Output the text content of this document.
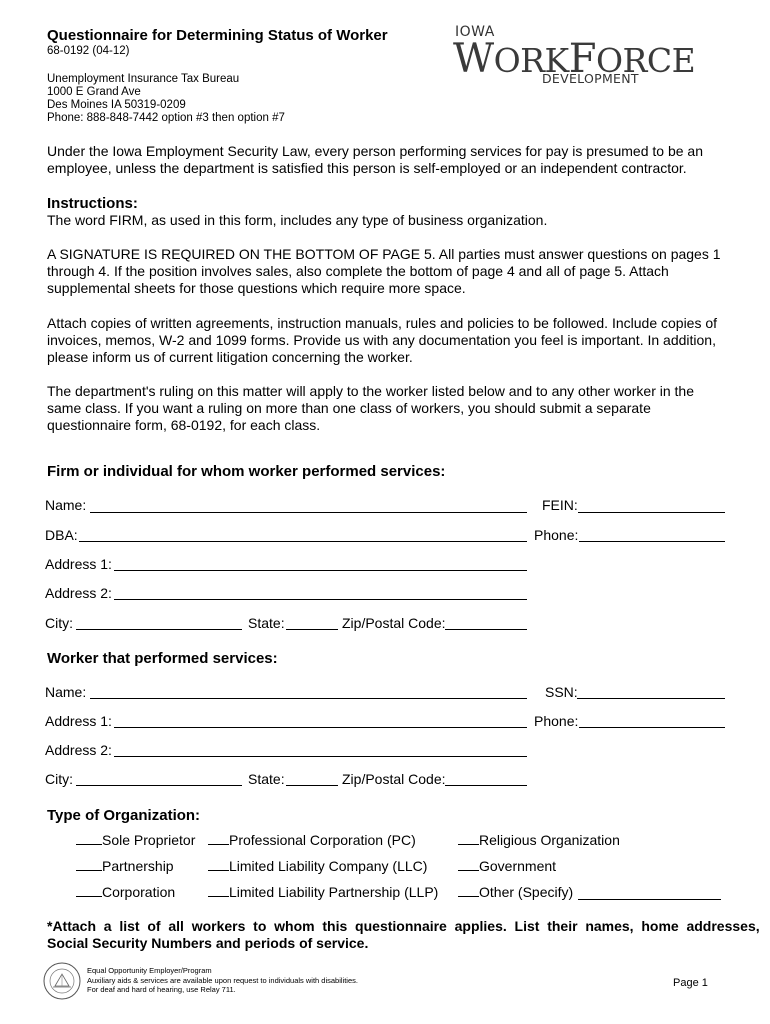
Questionnaire for Determining Status of Worker
68-0192 (04-12)
Unemployment Insurance Tax Bureau
1000 E Grand Ave
Des Moines IA 50319-0209
Phone: 888-848-7442 option #3 then option #7
IOWA
WORKFORCE
DEVELOPMENT
Under the Iowa Employment Security Law, every person performing services for pay is presumed to be an
employee, unless the department is satisfied this person is self-employed or an independent contractor.
Instructions:
The word FIRM, as used in this form, includes any type of business organization.
A SIGNATURE IS REQUIRED ON THE BOTTOM OF PAGE 5. All parties must answer questions on pages 1
through 4. If the position involves sales, also complete the bottom of page 4 and all of page 5. Attach
supplemental sheets for those questions which require more space.
Attach copies of written agreements, instruction manuals, rules and policies to be followed. Include copies of
invoices, memos, W-2 and 1099 forms. Provide us with any documentation you feel is important. In addition,
please inform us of current litigation concerning the worker.
The department's ruling on this matter will apply to the worker listed below and to any other worker in the
same class. If you want a ruling on more than one class of workers, you should submit a separate
questionnaire form, 68-0192, for each class.
Firm or individual for whom worker performed services:
Name:	FEIN:
DBA:	Phone:
Address 1:
Address 2:
City:	State:	Zip/Postal Code:
Worker that performed services:
Name:	SSN:
Address 1:	Phone:
Address 2:
City:	State:	Zip/Postal Code:
Type of Organization:
Sole Proprietor	Professional Corporation (PC)	Religious Organization
Partnership	Limited Liability Company (LLC)	Government
Corporation	Limited Liability Partnership (LLP)	Other (Specify)
*Attach  a  list  of  all  workers  to  whom  this  questionnaire  applies.  List  their  names,  home  addresses,
Social Security Numbers and periods of service.
Equal Opportunity Employer/Program
Auxiliary aids & services are available upon request to individuals with disabilities.
For deaf and hard of hearing, use Relay 711.
Page 1
